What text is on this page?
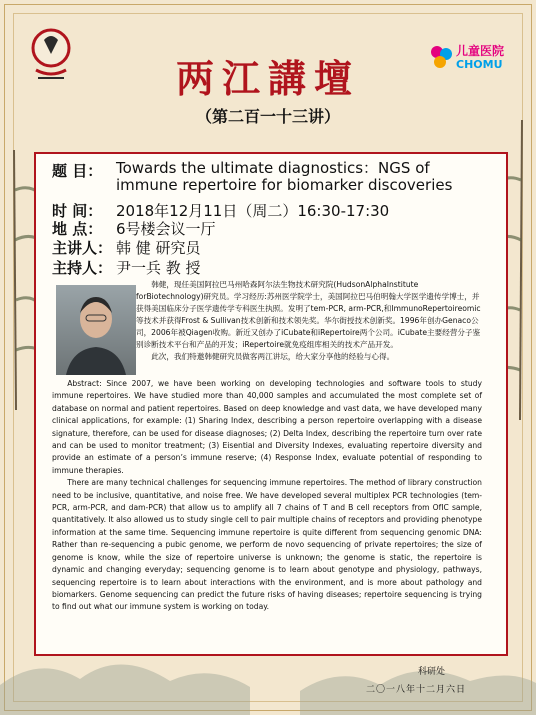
儿童医院
CHOMU
两江講壇
（第二百一十三讲）
题 目： Towards the ultimate diagnostics：NGS of immune repertoire for biomarker discoveries
时 间： 2018年12月11日（周二）16:30-17:30
地 点： 6号楼会议一厅
主讲人： 韩 健 研究员
主持人： 尹一兵 教 授

韩健，现任美国阿拉巴马州哈森阿尔法生物技术研究院(HudsonAlphaInstitute forBiotechnology)研究员。学习经历:苏州医学院学士，美国阿拉巴马伯明翰大学医学遗传学博士，并获得美国临床分子医学遗传学专科医生执照。发明了tem-PCR, arm-PCR,和ImmunoRepertoireomic等技术并获得Frost & Sullivan技术创新和技术领先奖。华尔街授技术创新奖。1996年创办Genaco公司，2006年被Qiagen收购。新近又创办了iCubate和iRepertoire两个公司。iCubate主要经营分子鉴别诊断技术平台和产品的开发；iRepertoire就免疫组库相关的技术产品开发。

此次，我们特邀韩健研究员做客两江讲坛，给大家分享他的经验与心得。

Abstract: Since 2007, we have been working on developing technologies and software tools to study immune repertoires. We have studied more than 40,000 samples and accumulated the most complete set of database on normal and patient repertoires. Based on deep knowledge and vast data, we have developed many clinical applications, for example: (1) Sharing Index, describing a person repertoire overlapping with a disease signature, therefore, can be used for disease diagnoses; (2) Delta Index, describing the repertoire turn over rate and can be used to monitor treatment; (3) Eisential and Diversity Indexes, evaluating repertoire diversity and provide an estimate of a person’s immune reserve; (4) Response Index, evaluate potential of responding to immune therapies.

There are many technical challenges for sequencing immune repertoires. The method of library construction need to be inclusive, quantitative, and noise free. We have developed several multiplex PCR technologies (tem-PCR, arm-PCR, and dam-PCR) that allow us to amplify all 7 chains of T and B cell receptors from OfIC sample, quantitatively. It also allowed us to study single cell to pair multiple chains of receptors and providing phenotype information at the same time. Sequencing immune repertoire is quite different from sequencing genomic DNA: Rather than re-sequencing a pubic genome, we perform de novo sequencing of private repertoires; the size of genome is know, while the size of repertoire universe is unknown; the genome is static, the repertoire is dynamic and changing everyday; sequencing genome is to learn about genotype and physiology, pathways, sequencing repertoire is to learn about interactions with the environment, and is more about pathology and biomarkers. Genome sequencing can predict the future risks of having diseases; repertoire sequencing is trying to find out what our immune system is working on today.

科研处
二〇一八年十二月六日
